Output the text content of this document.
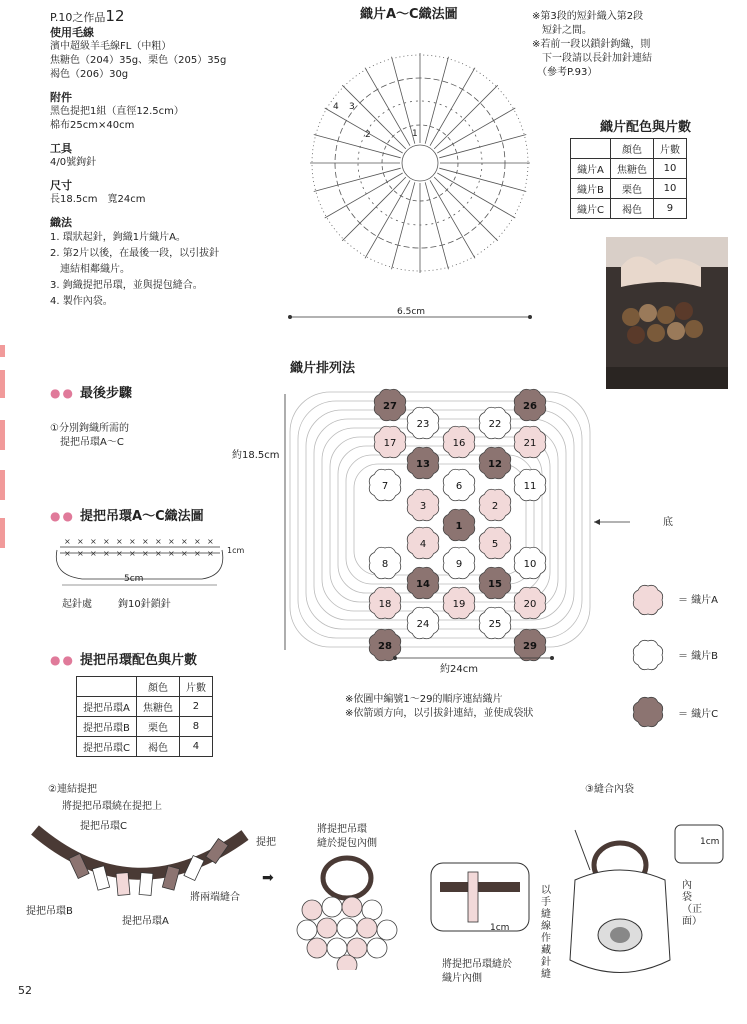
P.10之作品12
使用毛線
濱中超級羊毛線FL（中粗）
焦糖色（204）35g、栗色（205）35g
褐色（206）30g
附件
黑色提把1組（直徑12.5cm）
棉布25cm×40cm
工具
4/0號鉤針
尺寸
長18.5cm　寬24cm
織法
1. 環狀起針，鉤織1片織片A。
2. 第2片以後，在最後一段，以引拔針
　連結相鄰織片。
3. 鉤織提把吊環，並與提包縫合。
4. 製作內袋。
織片A～C織法圖
1
2
3
4
6.5cm
※第3段的短針織入第2段
　短針之間。
※若前一段以鎖針鉤織，則
　下一段請以長針加針連結
　（參考P.93）
織片配色與片數
	顏色	片數
織片A	焦糖色	10
織片B	栗色	10
織片C	褐色	9
●● 最後步驟
①分別鉤織所需的
　提把吊環A～C
●● 提把吊環A～C織法圖
×
×
×
×
×
×
×
×
×
×
×
×
×
×
×
×
×
×
×
×
×
×
×
× 1cm
5cm
起針處	鉤10針鎖針
●● 提把吊環配色與片數
	顏色	片數
提把吊環A	焦糖色	2
提把吊環B	栗色	8
提把吊環C	褐色	4
織片排列法
27
23	22
26
17	16	21
13	12
7	6	11
3	2
1
4	5
8	9	10
14	15
18	19	20
24	25
28	29
約18.5cm
約24cm
底
※依圖中編號1～29的順序連結織片
※依箭頭方向，以引拔針連結，並使成袋狀
＝ 織片A
＝ 織片B
＝ 織片C
②連結提把
將提把吊環繞在提把上
提把吊環C
提把
提把吊環B
提把吊環A
將兩端縫合
➡
將提把吊環
縫於提包內側
1cm
將提把吊環縫於
織片內側
③縫合內袋
1cm
以手縫線作藏針縫
內袋（正面）
52
